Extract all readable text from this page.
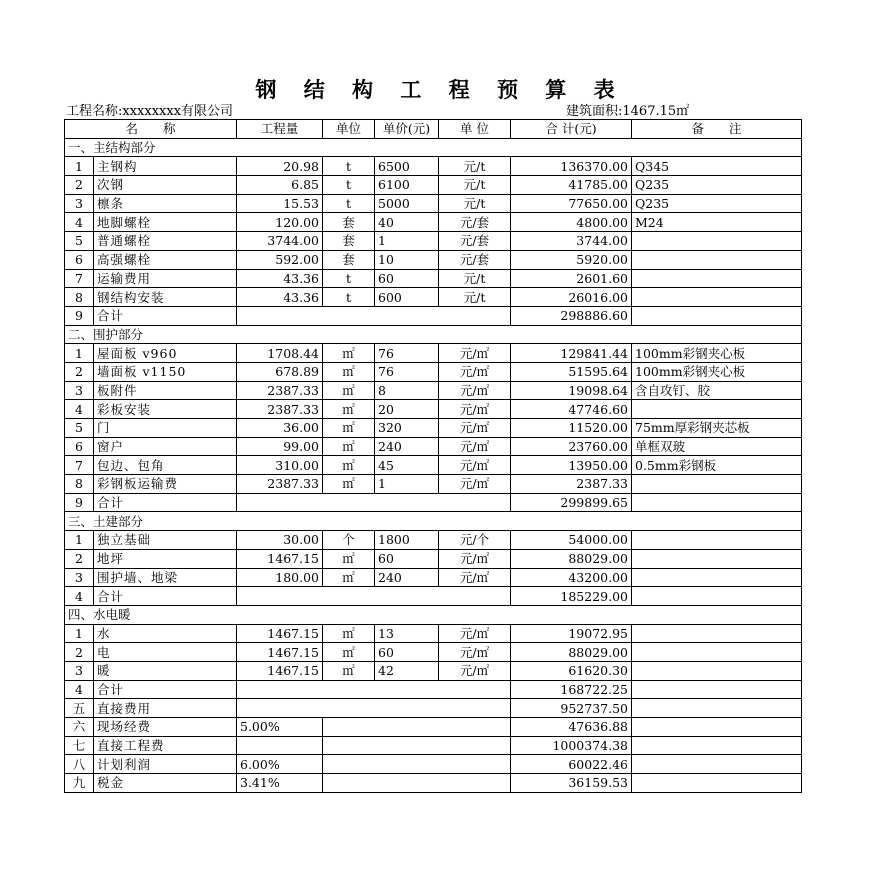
钢 结 构 工 程 预 算 表
工程名称:xxxxxxxx有限公司	建筑面积:1467.15㎡
名　　称		工程量	单位	单价(元)	单 位	合 计(元)	备　　注
一、主结构部分							
1	主钢构	20.98	t	6500	元/t	136370.00	Q345
2	次钢	6.85	t	6100	元/t	41785.00	Q235
3	檩条	15.53	t	5000	元/t	77650.00	Q235
4	地脚螺栓	120.00	套	40	元/套	4800.00	M24
5	普通螺栓	3744.00	套	1	元/套	3744.00	
6	高强螺栓	592.00	套	10	元/套	5920.00	
7	运输费用	43.36	t	60	元/t	2601.60	
8	钢结构安装	43.36	t	600	元/t	26016.00	
9	合计					298886.60	
二、围护部分							
1	屋面板 v960	1708.44	㎡	76	元/㎡	129841.44	100mm彩钢夹心板
2	墙面板 v1150	678.89	㎡	76	元/㎡	51595.64	100mm彩钢夹心板
3	板附件	2387.33	㎡	8	元/㎡	19098.64	含自攻钉、胶
4	彩板安装	2387.33	㎡	20	元/㎡	47746.60	
5	门	36.00	㎡	320	元/㎡	11520.00	75mm厚彩钢夹芯板
6	窗户	99.00	㎡	240	元/㎡	23760.00	单框双玻
7	包边、包角	310.00	㎡	45	元/㎡	13950.00	0.5mm彩钢板
8	彩钢板运输费	2387.33	㎡	1	元/㎡	2387.33	
9	合计					299899.65	
三、土建部分							
1	独立基础	30.00	个	1800	元/个	54000.00	
2	地坪	1467.15	㎡	60	元/㎡	88029.00	
3	围护墙、地梁	180.00	㎡	240	元/㎡	43200.00	
4	合计					185229.00	
四、水电暖							
1	水	1467.15	㎡	13	元/㎡	19072.95	
2	电	1467.15	㎡	60	元/㎡	88029.00	
3	暖	1467.15	㎡	42	元/㎡	61620.30	
4	合计					168722.25	
五	直接费用					952737.50	
六	现场经费	5.00%				47636.88	
七	直接工程费					1000374.38	
八	计划利润	6.00%				60022.46	
九	税金	3.41%				36159.53	
